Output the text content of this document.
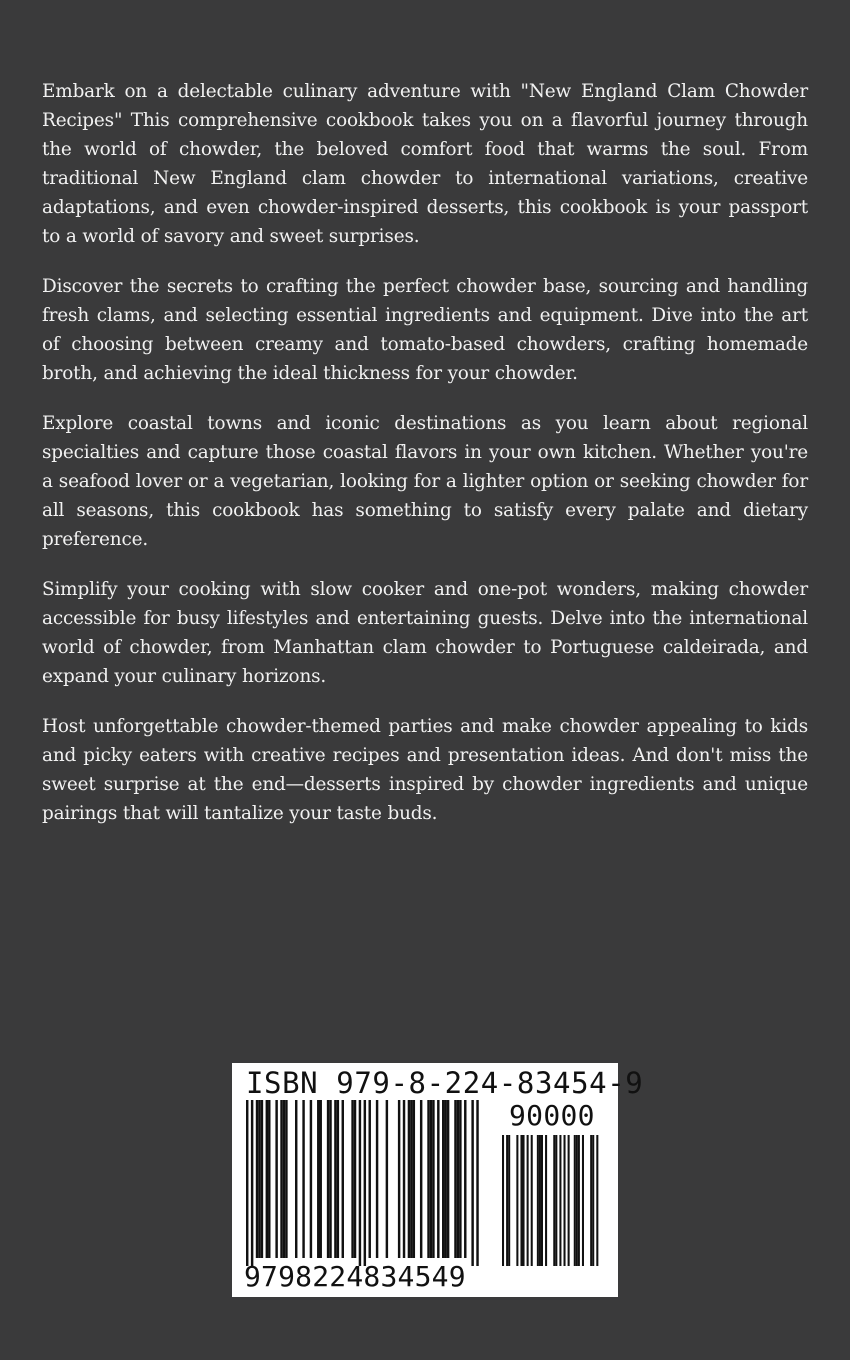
Embark on a delectable culinary adventure with "New England Clam Chowder Recipes" This comprehensive cookbook takes you on a flavorful journey through the world of chowder, the beloved comfort food that warms the soul. From traditional New England clam chowder to international variations, creative adaptations, and even chowder-inspired desserts, this cookbook is your passport to a world of savory and sweet surprises.

Discover the secrets to crafting the perfect chowder base, sourcing and handling fresh clams, and selecting essential ingredients and equipment. Dive into the art of choosing between creamy and tomato-based chowders, crafting homemade broth, and achieving the ideal thickness for your chowder.

Explore coastal towns and iconic destinations as you learn about regional specialties and capture those coastal flavors in your own kitchen. Whether you're a seafood lover or a vegetarian, looking for a lighter option or seeking chowder for all seasons, this cookbook has something to satisfy every palate and dietary preference.

Simplify your cooking with slow cooker and one-pot wonders, making chowder accessible for busy lifestyles and entertaining guests. Delve into the international world of chowder, from Manhattan clam chowder to Portuguese caldeirada, and expand your culinary horizons.

Host unforgettable chowder-themed parties and make chowder appealing to kids and picky eaters with creative recipes and presentation ideas. And don't miss the sweet surprise at the end—desserts inspired by chowder ingredients and unique pairings that will tantalize your taste buds.

ISBN 979-8-224-83454-9
90000
9798224834549
